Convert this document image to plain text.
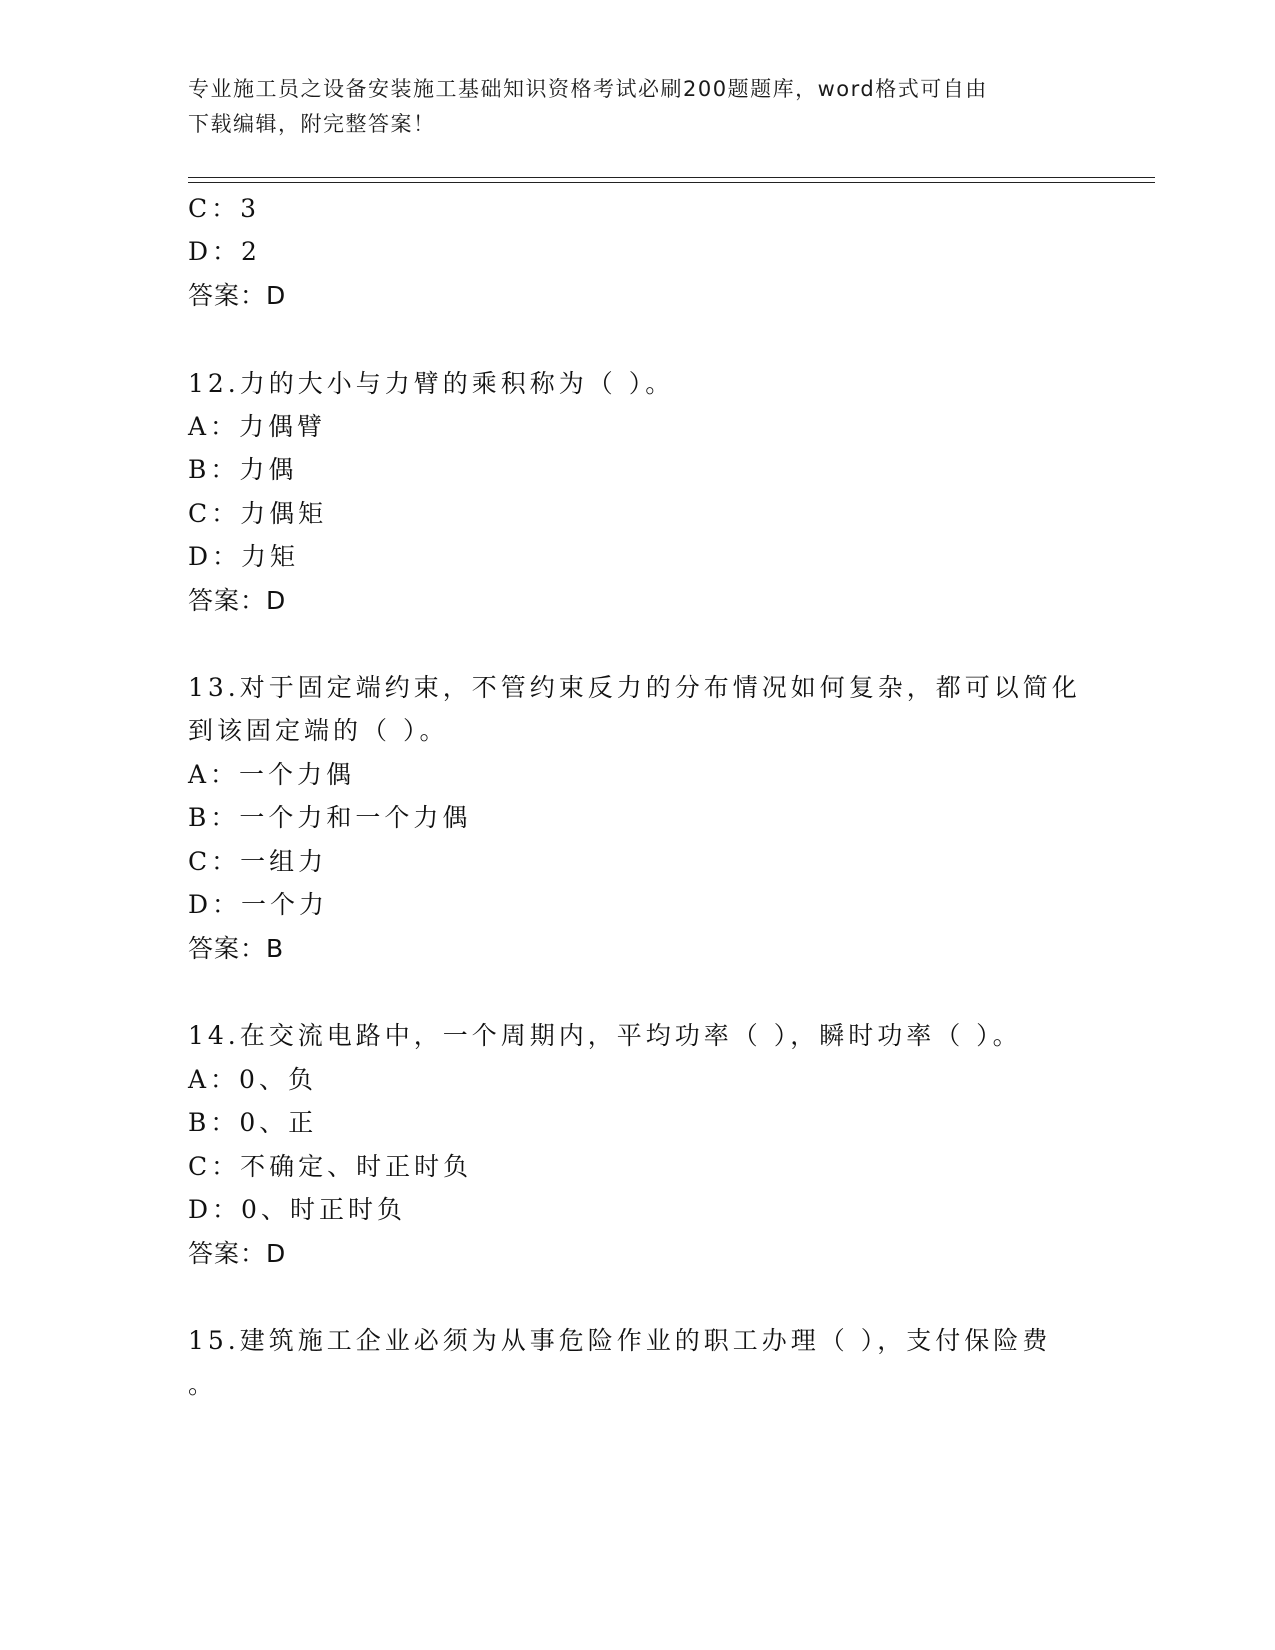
专业施工员之设备安装施工基础知识资格考试必刷200题题库，word格式可自由
下载编辑，附完整答案！
C：3
D：2
答案：D
12.力的大小与力臂的乘积称为（ ）。
A：力偶臂
B：力偶
C：力偶矩
D：力矩
答案：D
13.对于固定端约束，不管约束反力的分布情况如何复杂，都可以简化
到该固定端的（ ）。
A：一个力偶
B：一个力和一个力偶
C：一组力
D：一个力
答案：B
14.在交流电路中，一个周期内，平均功率（ ），瞬时功率（ ）。
A：0、负
B：0、正
C：不确定、时正时负
D：0、时正时负
答案：D
15.建筑施工企业必须为从事危险作业的职工办理（ ），支付保险费
。
